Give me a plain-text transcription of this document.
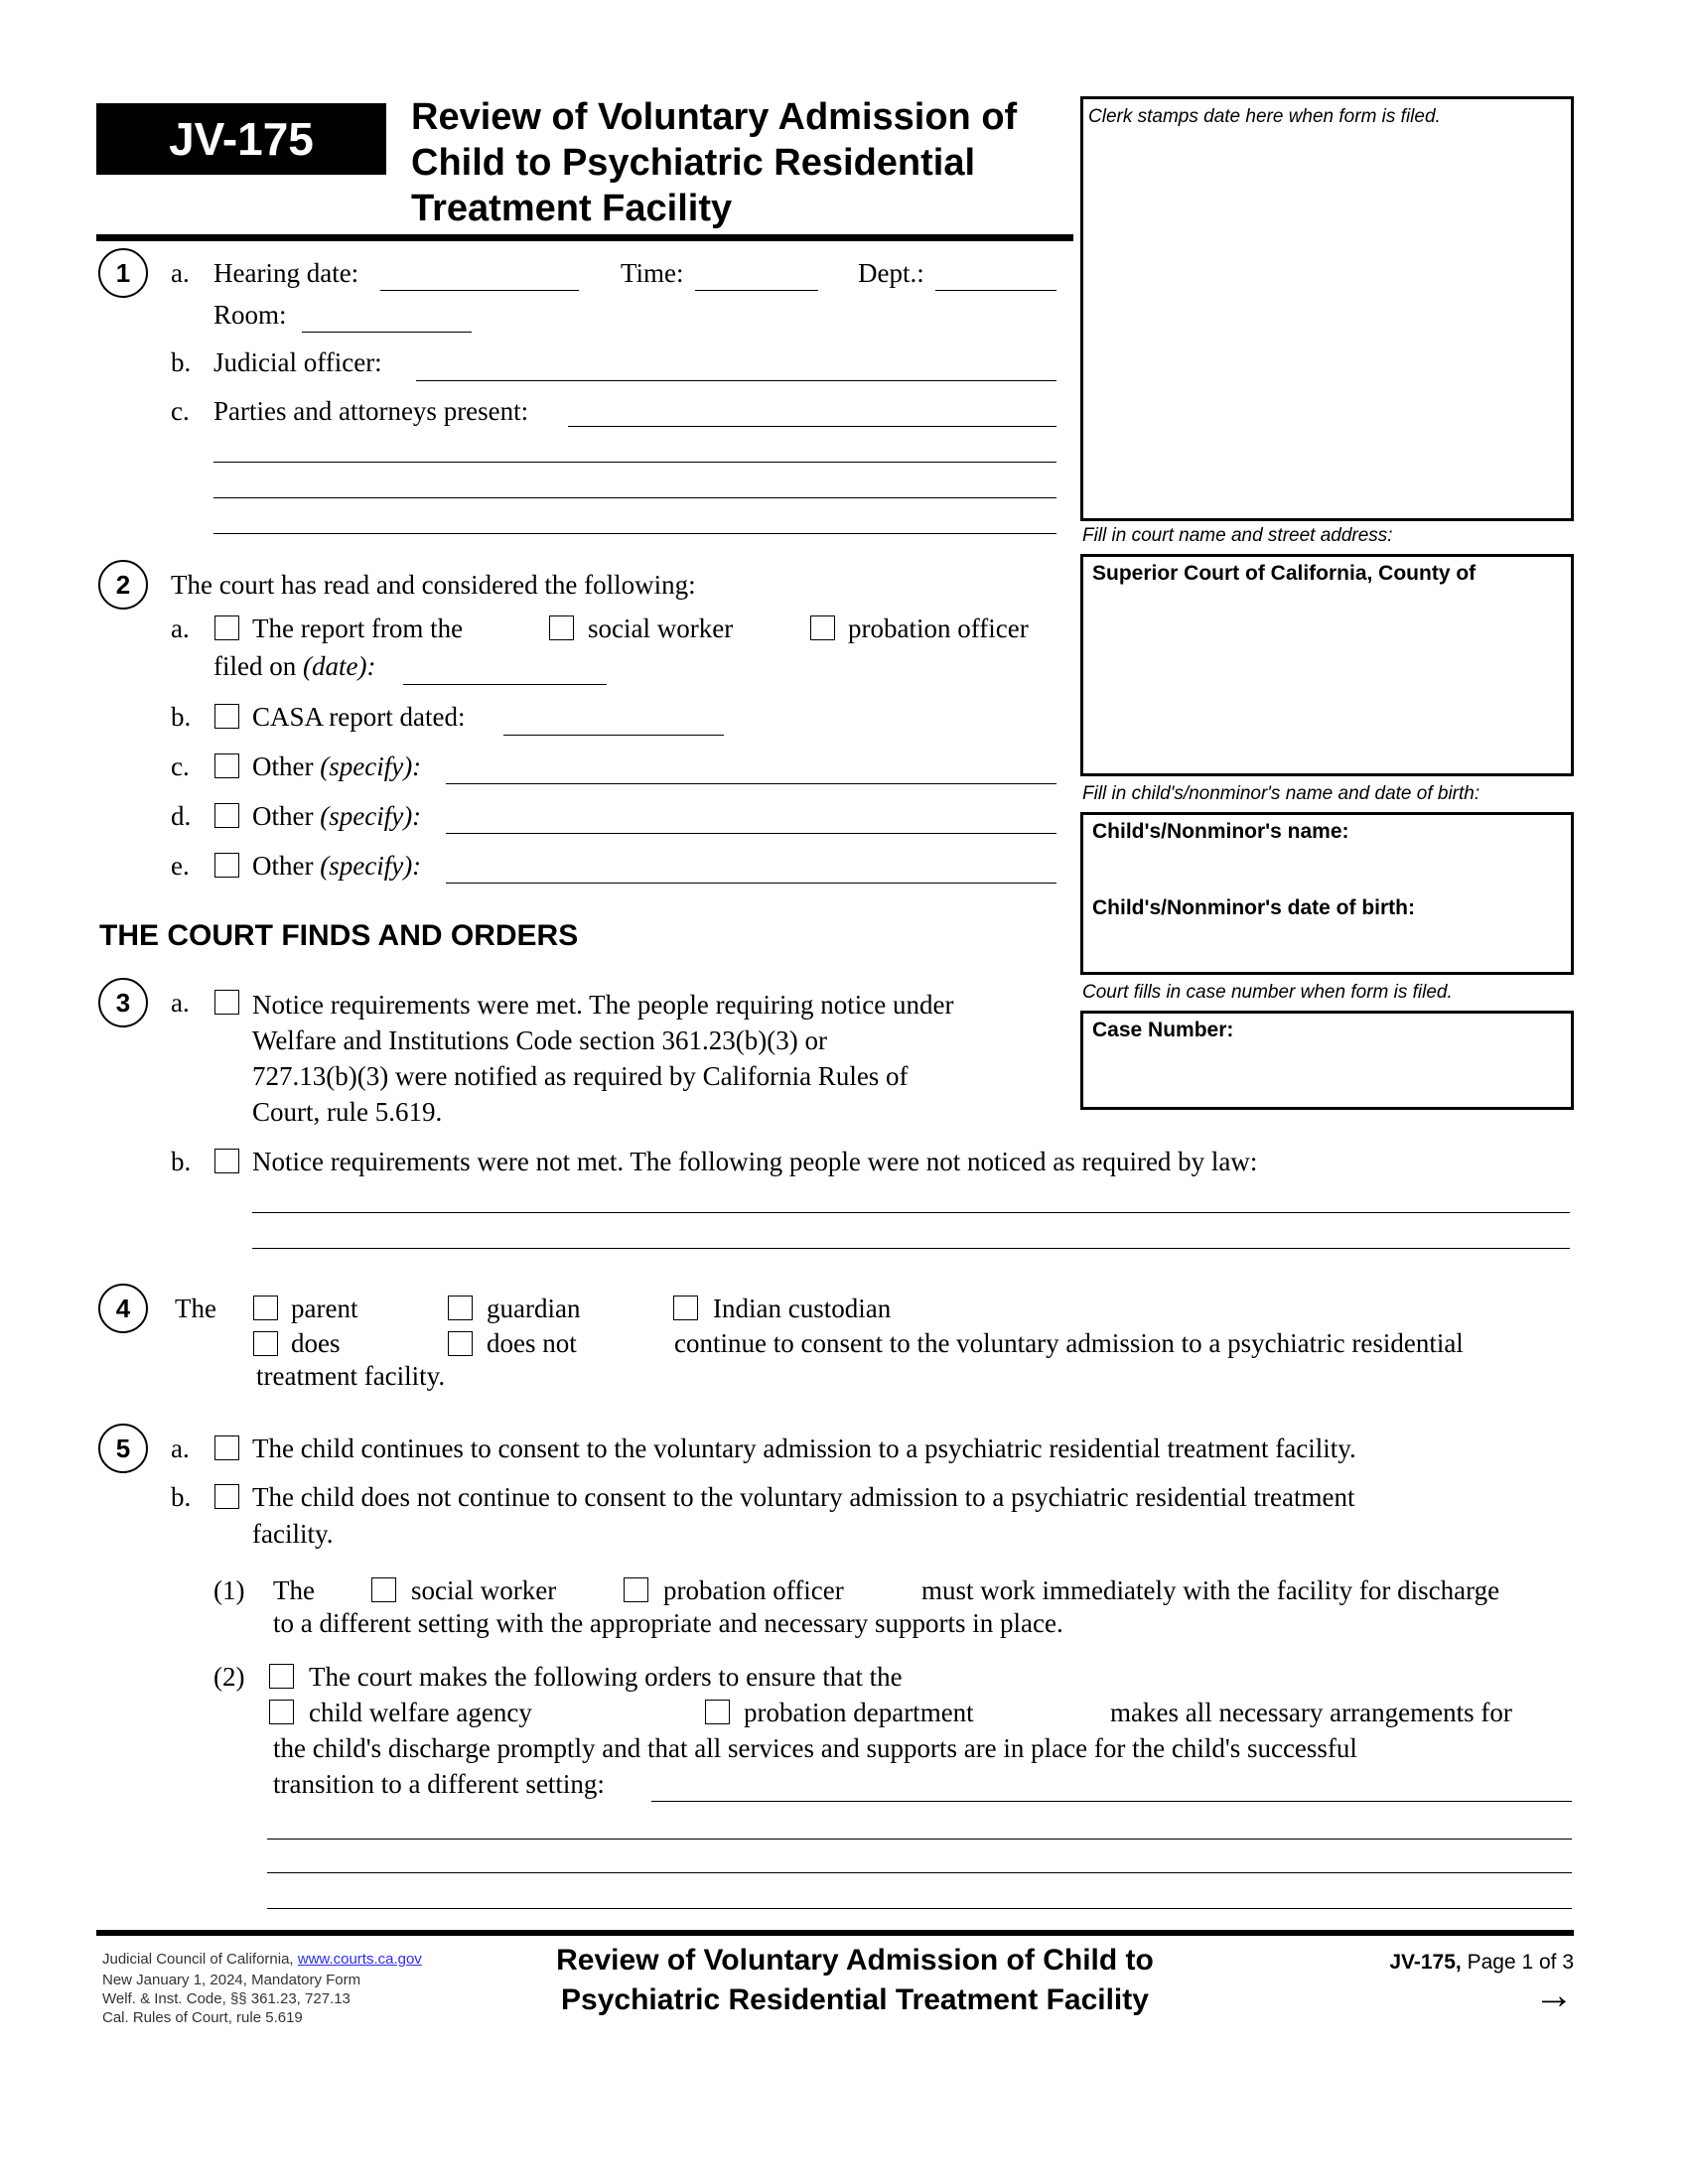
JV-175	Review of Voluntary Admission of
Child to Psychiatric Residential
Treatment Facility
Clerk stamps date here when form is filed.
Fill in court name and street address:
Superior Court of California, County of
Fill in child's/nonminor's name and date of birth:
Child's/Nonminor's name:
Child's/Nonminor's date of birth:
Court fills in case number when form is filed.
Case Number:
1	a. Hearing date:	Time:	Dept.:
Room:
b. Judicial officer:
c. Parties and attorneys present:
2	The court has read and considered the following:
a. The report from the	social worker	probation officer
filed on (date):
b. CASA report dated:
c. Other (specify):
d. Other (specify):
e. Other (specify):
THE COURT FINDS AND ORDERS
3	a. Notice requirements were met. The people requiring notice under
Welfare and Institutions Code section 361.23(b)(3) or
727.13(b)(3) were notified as required by California Rules of
Court, rule 5.619.
b. Notice requirements were not met. The following people were not noticed as required by law:
4	The	parent	guardian	Indian custodian
does	does not	continue to consent to the voluntary admission to a psychiatric residential
treatment facility.
5	a. The child continues to consent to the voluntary admission to a psychiatric residential treatment facility.
b. The child does not continue to consent to the voluntary admission to a psychiatric residential treatment
facility.
(1) The	social worker	probation officer	must work immediately with the facility for discharge
to a different setting with the appropriate and necessary supports in place.
(2) The court makes the following orders to ensure that the
child welfare agency	probation department	makes all necessary arrangements for
the child's discharge promptly and that all services and supports are in place for the child's successful
transition to a different setting:
Judicial Council of California, www.courts.ca.gov
New January 1, 2024, Mandatory Form
Welf. & Inst. Code, §§ 361.23, 727.13
Cal. Rules of Court, rule 5.619
Review of Voluntary Admission of Child to
Psychiatric Residential Treatment Facility
JV-175, Page 1 of 3
→
